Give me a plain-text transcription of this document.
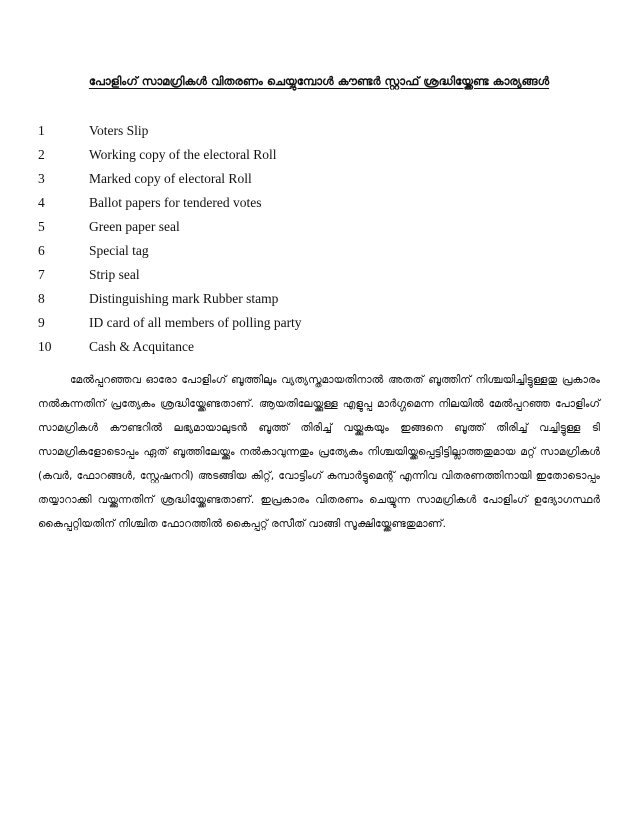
പോളിംഗ് സാമഗ്രികൾ വിതരണം ചെയ്യുമ്പോൾ കൗണ്ടർ സ്റ്റാഫ് ശ്രദ്ധിയ്ക്കേണ്ട കാര്യങ്ങൾ
1	Voters Slip
2	Working copy of the electoral Roll
3	Marked copy of electoral Roll
4	Ballot papers for tendered votes
5	Green paper seal
6	Special tag
7	Strip seal
8	Distinguishing mark Rubber stamp
9	ID card of all members of polling party
10	Cash & Acquitance

മേൽപ്പറഞ്ഞവ ഓരോ പോളിംഗ് ബൂത്തിലും വ്യത്യസ്തമായതിനാൽ അതത് ബൂത്തിന് നിശ്ചയിച്ചിട്ടുള്ളതു പ്രകാരം നൽകുന്നതിന് പ്രത്യേകം ശ്രദ്ധിയ്ക്കേണ്ടതാണ്. ആയതിലേയ്ക്കുള്ള എളുപ്പ മാർഗ്ഗമെന്ന നിലയിൽ മേൽപ്പറഞ്ഞ പോളിംഗ് സാമഗ്രികൾ കൗണ്ടറിൽ ലഭ്യമായാലുടൻ ബൂത്ത് തിരിച്ച് വയ്ക്കുകയും ഇങ്ങനെ ബൂത്ത് തിരിച്ച് വച്ചിട്ടുള്ള ടി സാമഗ്രികളോടൊപ്പം ഏത് ബൂത്തിലേയ്ക്കും നൽകാവുന്നതും പ്രത്യേകം നിശ്ചയിയ്ക്കപ്പെട്ടിട്ടില്ലാത്തതുമായ മറ്റ് സാമഗ്രികൾ (കവർ, ഫോറങ്ങൾ, സ്റ്റേഷനറി) അടങ്ങിയ കിറ്റ്, വോട്ടിംഗ് കമ്പാർട്ടുമെന്റ് എന്നിവ വിതരണത്തിനായി ഇതോടൊപ്പം തയ്യാറാക്കി വയ്ക്കുന്നതിന് ശ്രദ്ധിയ്ക്കേണ്ടതാണ്. ഇപ്രകാരം വിതരണം ചെയ്യുന്ന സാമഗ്രികൾ പോളിംഗ് ഉദ്യോഗസ്ഥർ കൈപ്പറ്റിയതിന് നിശ്ചിത ഫോറത്തിൽ കൈപ്പറ്റ് രസീത് വാങ്ങി സൂക്ഷിയ്ക്കേണ്ടതുമാണ്.
